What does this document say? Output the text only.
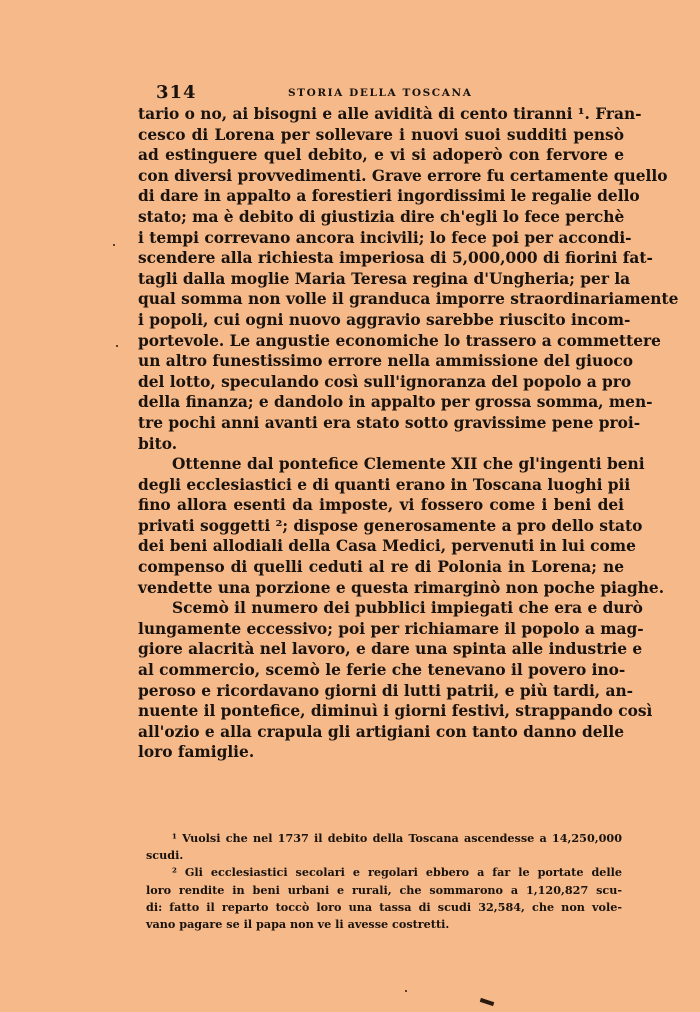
314	STORIA DELLA TOSCANA
tario o no, ai bisogni e alle avidità di cento tiranni ¹. Fran-
cesco di Lorena per sollevare i nuovi suoi sudditi pensò
ad estinguere quel debito, e vi si adoperò con fervore e
con diversi provvedimenti. Grave errore fu certamente quello
di dare in appalto a forestieri ingordissimi le regalie dello
stato; ma è debito di giustizia dire ch'egli lo fece perchè
i tempi correvano ancora incivili; lo fece poi per accondi-
scendere alla richiesta imperiosa di 5,000,000 di fiorini fat-
tagli dalla moglie Maria Teresa regina d'Ungheria; per la
qual somma non volle il granduca imporre straordinariamente
i popoli, cui ogni nuovo aggravio sarebbe riuscito incom-
portevole. Le angustie economiche lo trassero a commettere
un altro funestissimo errore nella ammissione del giuoco
del lotto, speculando così sull'ignoranza del popolo a pro
della finanza; e dandolo in appalto per grossa somma, men-
tre pochi anni avanti era stato sotto gravissime pene proi-
bito.
Ottenne dal pontefice Clemente XII che gl'ingenti beni
degli ecclesiastici e di quanti erano in Toscana luoghi pii
fino allora esenti da imposte, vi fossero come i beni dei
privati soggetti ²; dispose generosamente a pro dello stato
dei beni allodiali della Casa Medici, pervenuti in lui come
compenso di quelli ceduti al re di Polonia in Lorena; ne
vendette una porzione e questa rimarginò non poche piaghe.
Scemò il numero dei pubblici impiegati che era e durò
lungamente eccessivo; poi per richiamare il popolo a mag-
giore alacrità nel lavoro, e dare una spinta alle industrie e
al commercio, scemò le ferie che tenevano il povero ino-
peroso e ricordavano giorni di lutti patrii, e più tardi, an-
nuente il pontefice, diminuì i giorni festivi, strappando così
all'ozio e alla crapula gli artigiani con tanto danno delle
loro famiglie.
¹ Vuolsi che nel 1737 il debito della Toscana ascendesse a 14,250,000
scudi.
² Gli ecclesiastici secolari e regolari ebbero a far le portate delle
loro rendite in beni urbani e rurali, che sommarono a 1,120,827 scu-
di: fatto il reparto toccò loro una tassa di scudi 32,584, che non vole-
vano pagare se il papa non ve li avesse costretti.
